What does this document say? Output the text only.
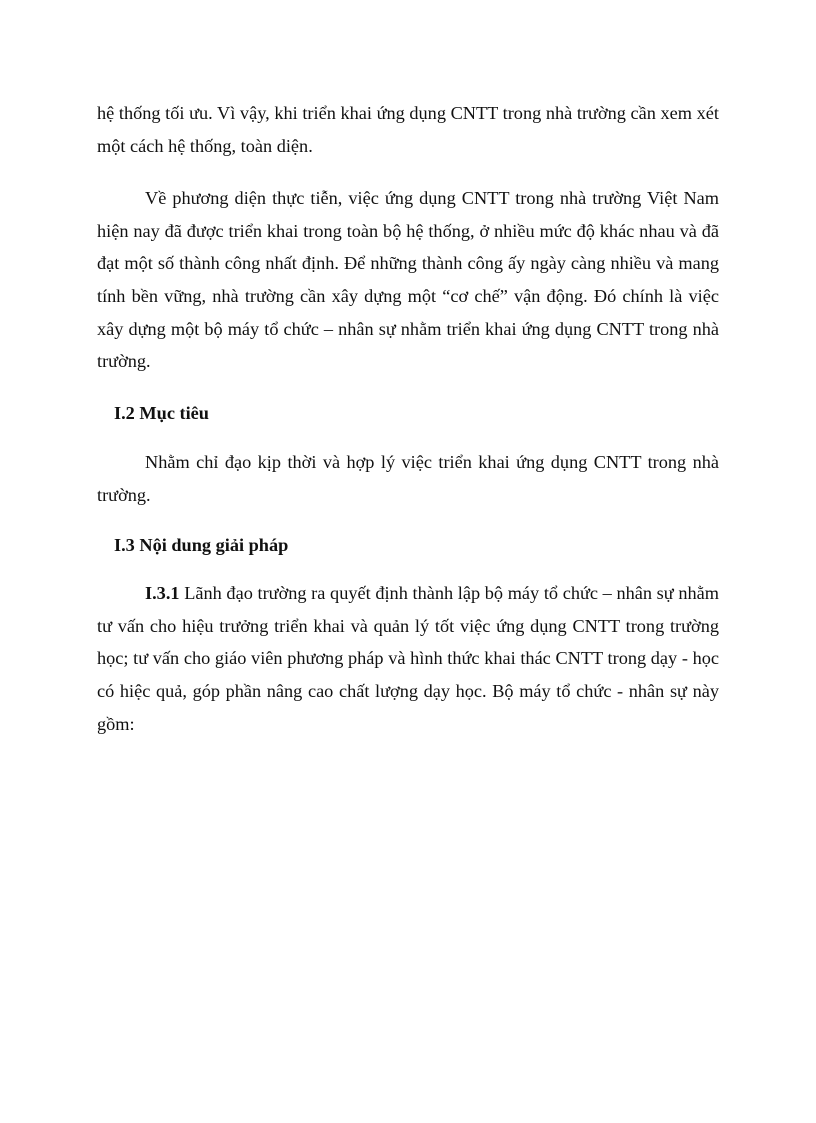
hệ thống tối ưu. Vì vậy, khi triển khai ứng dụng CNTT trong nhà trường cần xem xét một cách hệ thống, toàn diện.

Về phương diện thực tiễn, việc ứng dụng CNTT trong nhà trường Việt Nam hiện nay đã được triển khai trong toàn bộ hệ thống, ở nhiều mức độ khác nhau và đã đạt một số thành công nhất định. Để những thành công ấy ngày càng nhiều và mang tính bền vững, nhà trường cần xây dựng một “cơ chế” vận động. Đó chính là việc xây dựng một bộ máy tổ chức – nhân sự nhằm triển khai ứng dụng CNTT trong nhà trường.

I.2 Mục tiêu

Nhằm chỉ đạo kịp thời và hợp lý việc triển khai ứng dụng CNTT trong nhà trường.

I.3 Nội dung giải pháp

I.3.1 Lãnh đạo trường ra quyết định thành lập bộ máy tổ chức – nhân sự nhằm tư vấn cho hiệu trưởng triển khai và quản lý tốt việc ứng dụng CNTT trong trường học; tư vấn cho giáo viên phương pháp và hình thức khai thác CNTT trong dạy - học có hiệc quả, góp phần nâng cao chất lượng dạy học. Bộ máy tổ chức - nhân sự này gồm:
